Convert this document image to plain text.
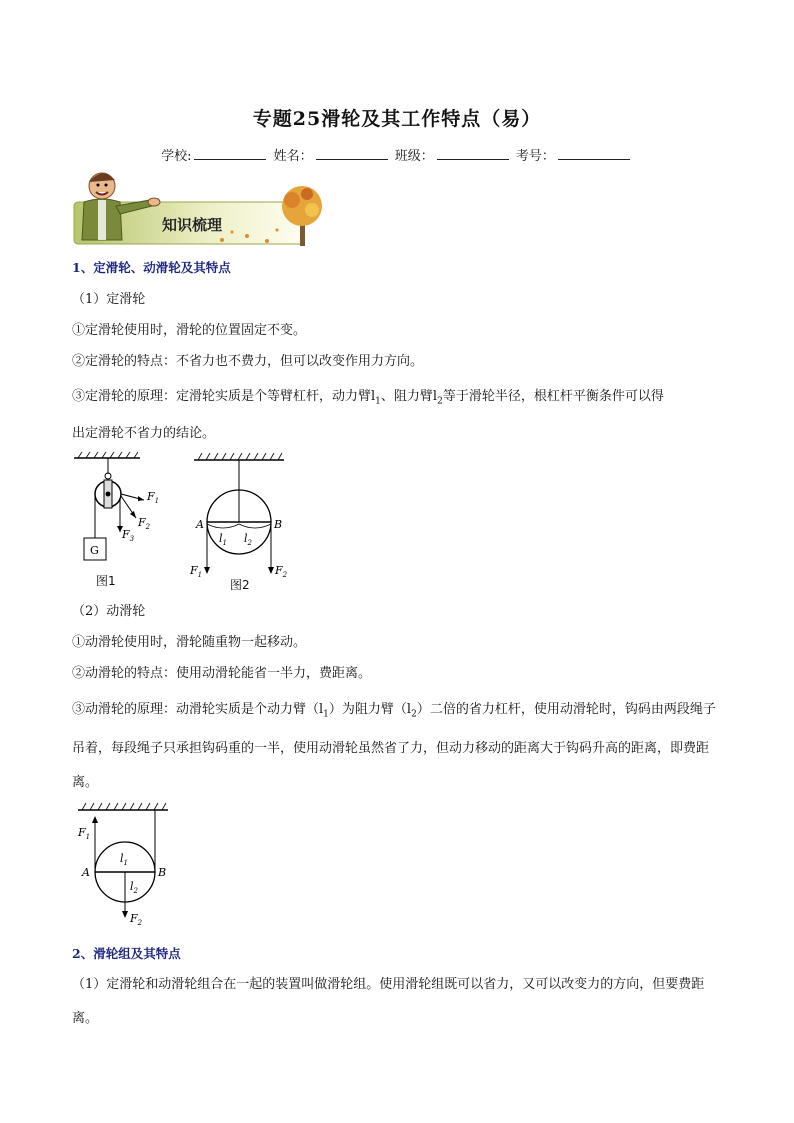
专题25滑轮及其工作特点（易）
学校:	姓名：	班级：	考号：
知识梳理
1、定滑轮、动滑轮及其特点
（1）定滑轮
①定滑轮使用时，滑轮的位置固定不变。
②定滑轮的特点：不省力也不费力，但可以改变作用力方向。
③定滑轮的原理：定滑轮实质是个等臂杠杆，动力臂$l_1$、阻力臂$l_2$等于滑轮半径，根杠杆平衡条件可以得
出定滑轮不省力的结论。
G
$F_1$
$F_2$
$F_3$
图1
A	B
$l_1$ $l_2$
$F_1$	$F_2$
图2
（2）动滑轮
①动滑轮使用时，滑轮随重物一起移动。
②动滑轮的特点：使用动滑轮能省一半力，费距离。
③动滑轮的原理：动滑轮实质是个动力臂$(l_1)$为阻力臂$(l_2)$二倍的省力杠杆，使用动滑轮时，钩码由两段绳子吊着，每段绳子只承担钩码重的一半，使用动滑轮虽然省了力，但动力移动的距离大于钩码升高的距离，即费距离。
$F_1$
A	B
$l_1$
$l_2$
$F_2$
2、滑轮组及其特点
（1）定滑轮和动滑轮组合在一起的装置叫做滑轮组。使用滑轮组既可以省力，又可以改变力的方向，但要费距离。
